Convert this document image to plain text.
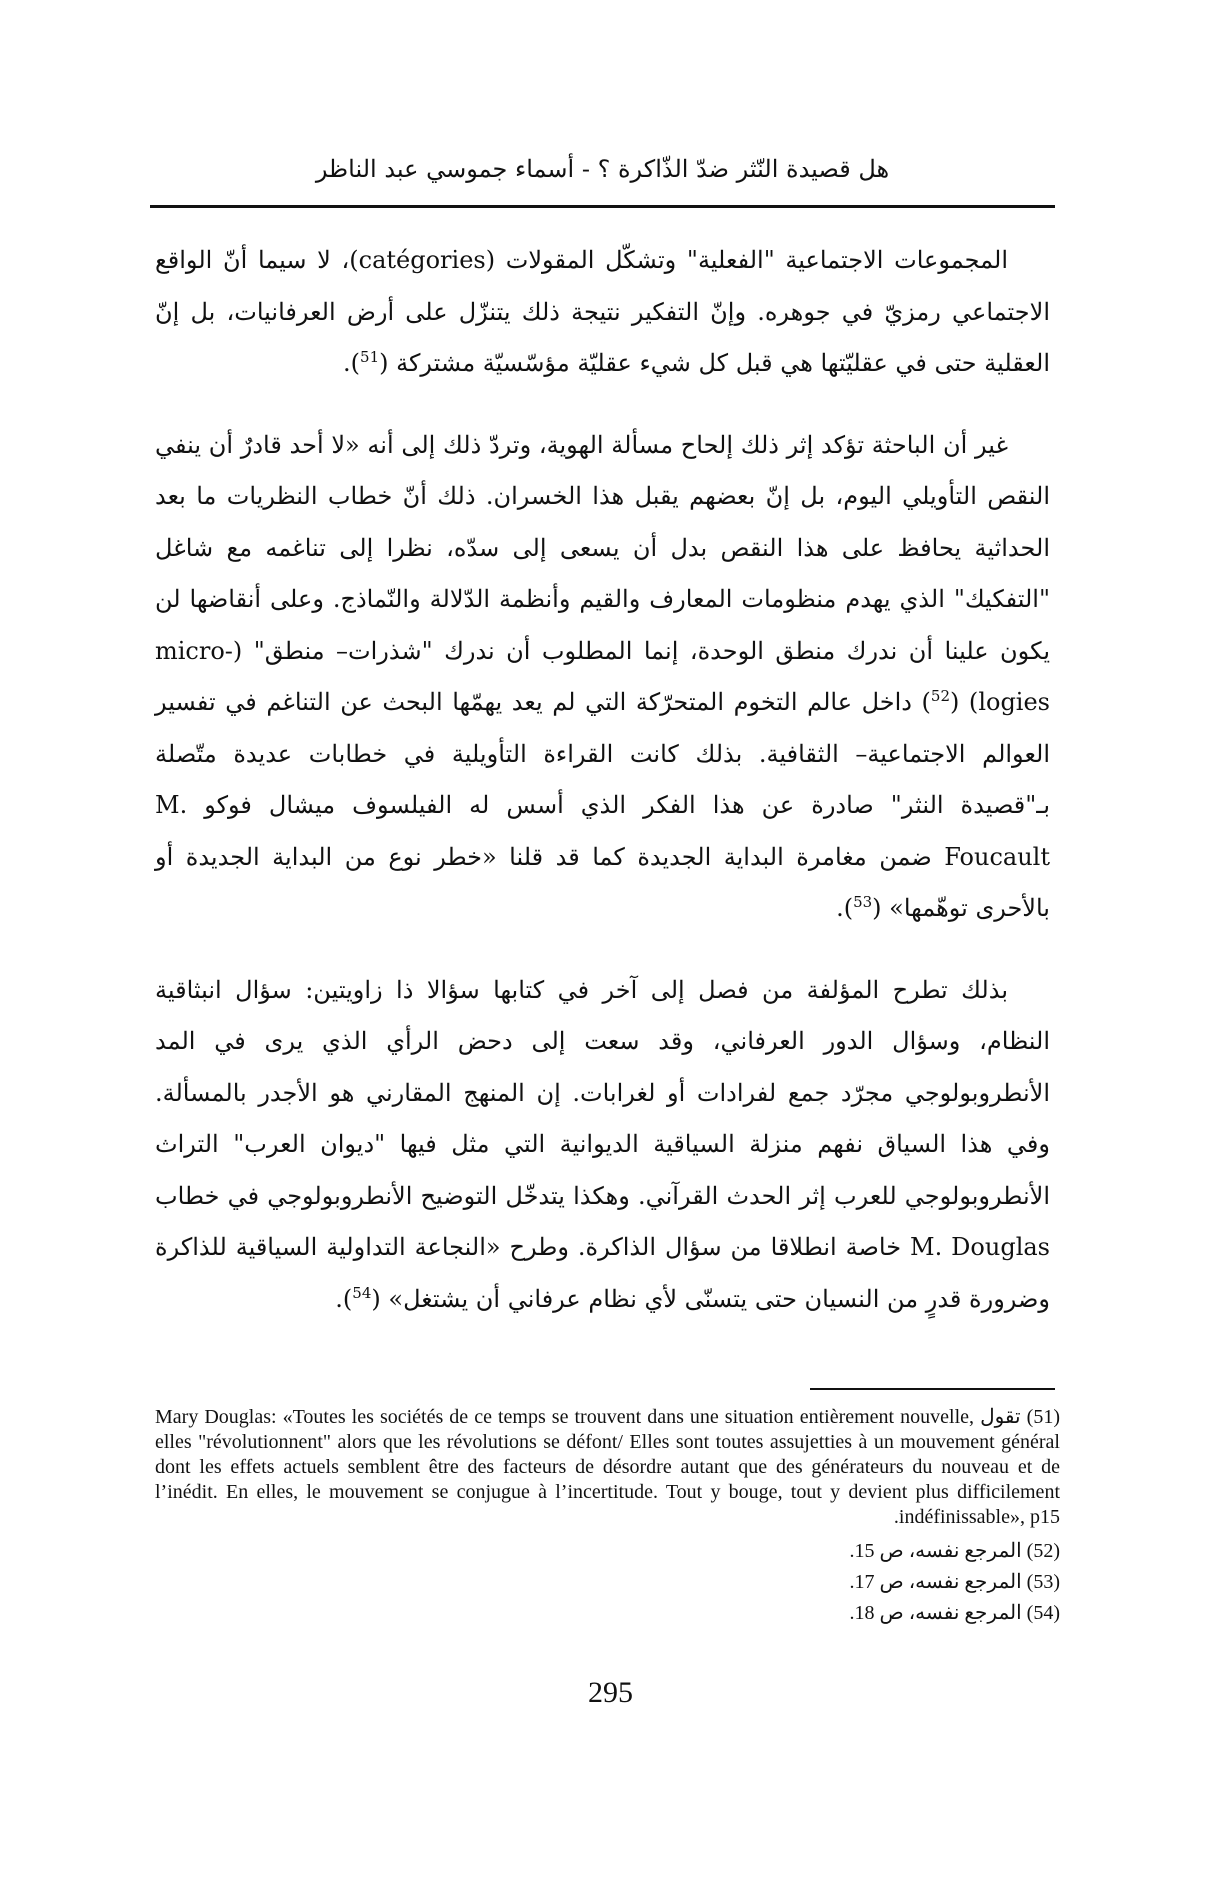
هل قصيدة النّثر ضدّ الذّاكرة ؟ - أسماء جموسي عبد الناظر

المجموعات الاجتماعية "الفعلية" وتشكّل المقولات (catégories)، لا سيما أنّ الواقع الاجتماعي رمزيّ في جوهره. وإنّ التفكير نتيجة ذلك يتنزّل على أرض العرفانيات، بل إنّ العقلية حتى في عقليّتها هي قبل كل شيء عقليّة مؤسّسيّة مشتركة ($^{51}$).

غير أن الباحثة تؤكد إثر ذلك إلحاح مسألة الهوية، وتردّ ذلك إلى أنه «لا أحد قادرٌ أن ينفي النقص التأويلي اليوم، بل إنّ بعضهم يقبل هذا الخسران. ذلك أنّ خطاب النظريات ما بعد الحداثية يحافظ على هذا النقص بدل أن يسعى إلى سدّه، نظرا إلى تناغمه مع شاغل "التفكيك" الذي يهدم منظومات المعارف والقيم وأنظمة الدّلالة والنّماذج. وعلى أنقاضها لن يكون علينا أن ندرك منطق الوحدة، إنما المطلوب أن ندرك "شذرات– منطق" (micro-logies) ($^{52}$) داخل عالم التخوم المتحرّكة التي لم يعد يهمّها البحث عن التناغم في تفسير العوالم الاجتماعية– الثقافية. بذلك كانت القراءة التأويلية في خطابات عديدة متّصلة بـ"قصيدة النثر" صادرة عن هذا الفكر الذي أسس له الفيلسوف ميشال فوكو M. Foucault ضمن مغامرة البداية الجديدة كما قد قلنا «خطر نوع من البداية الجديدة أو بالأحرى توهّمها» ($^{53}$).

بذلك تطرح المؤلفة من فصل إلى آخر في كتابها سؤالا ذا زاويتين: سؤال انبثاقية النظام، وسؤال الدور العرفاني، وقد سعت إلى دحض الرأي الذي يرى في المد الأنطروبولوجي مجرّد جمع لفرادات أو لغرابات. إن المنهج المقارني هو الأجدر بالمسألة. وفي هذا السياق نفهم منزلة السياقية الديوانية التي مثل فيها "ديوان العرب" التراث الأنطروبولوجي للعرب إثر الحدث القرآني. وهكذا يتدخّل التوضيح الأنطروبولوجي في خطاب M. Douglas خاصة انطلاقا من سؤال الذاكرة. وطرح «النجاعة التداولية السياقية للذاكرة وضرورة قدرٍ من النسيان حتى يتسنّى لأي نظام عرفاني أن يشتغل» ($^{54}$).

(51) تقول Mary Douglas: «Toutes les sociétés de ce temps se trouvent dans une situation entièrement nouvelle, elles "révolutionnent" alors que les révolutions se défont/ Elles sont toutes assujetties à un mouvement général dont les effets actuels semblent être des facteurs de désordre autant que des générateurs du nouveau et de l’inédit. En elles, le mouvement se conjugue à l’incertitude. Tout y bouge, tout y devient plus difficilement indéfinissable», p15.

(52) المرجع نفسه، ص 15.

(53) المرجع نفسه، ص 17.

(54) المرجع نفسه، ص 18.

295
